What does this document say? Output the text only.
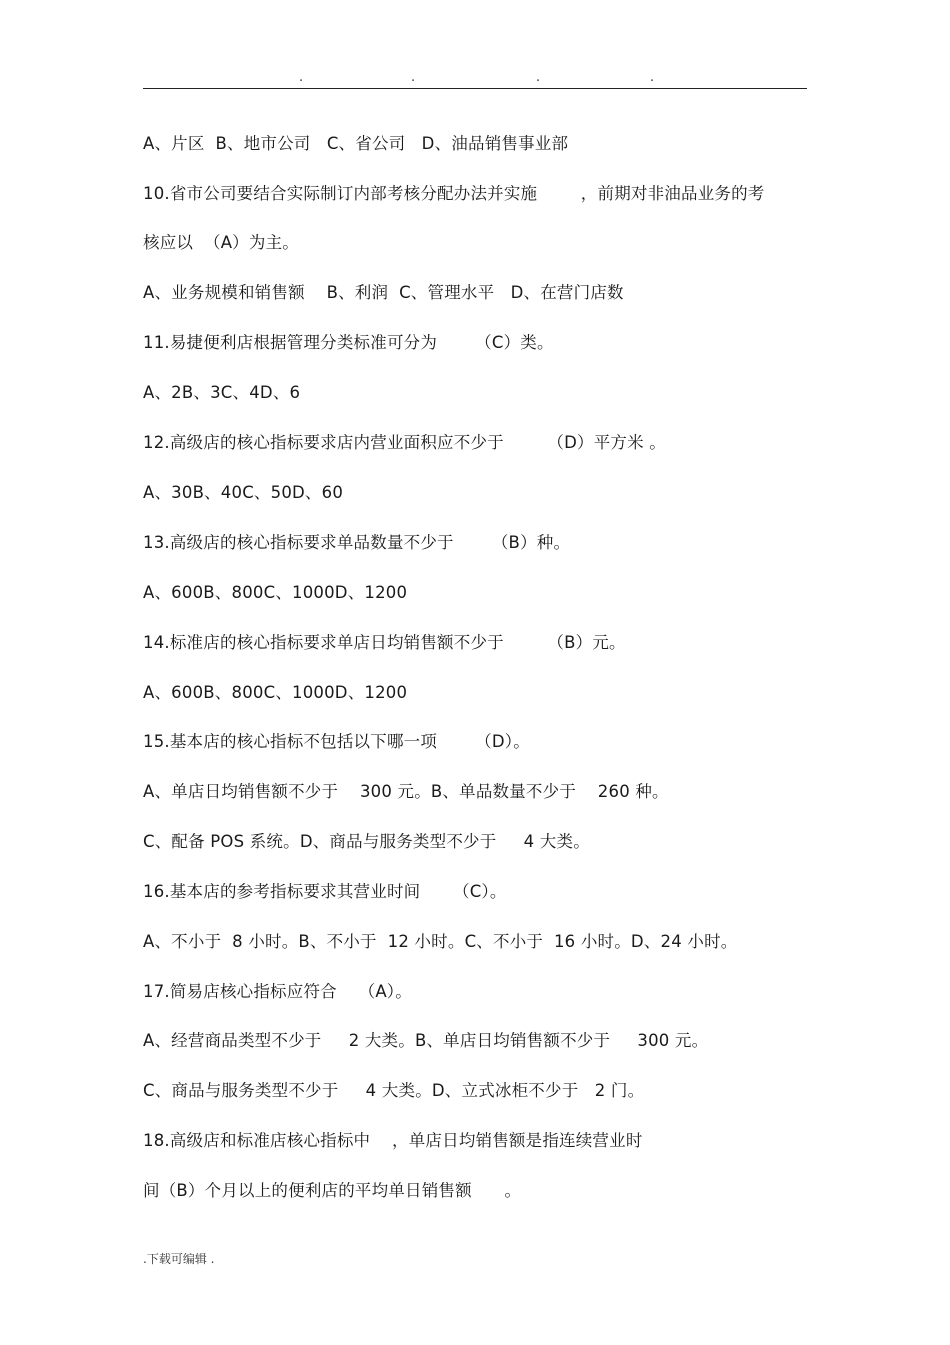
.	.	.	.
A、片区  B、地市公司   C、省公司   D、油品销售事业部
10.省市公司要结合实际制订内部考核分配办法并实施        ，前期对非油品业务的考
核应以  （A）为主。
A、业务规模和销售额    B、利润  C、管理水平   D、在营门店数
11.易捷便利店根据管理分类标准可分为       （C）类。
A、2B、3C、4D、6
12.高级店的核心指标要求店内营业面积应不少于        （D）平方米 。
A、30B、40C、50D、60
13.高级店的核心指标要求单品数量不少于       （B）种。
A、600B、800C、1000D、1200
14.标准店的核心指标要求单店日均销售额不少于        （B）元。
A、600B、800C、1000D、1200
15.基本店的核心指标不包括以下哪一项       （D）。
A、单店日均销售额不少于    300 元。B、单品数量不少于    260 种。
C、配备 POS 系统。D、商品与服务类型不少于     4 大类。
16.基本店的参考指标要求其营业时间      （C）。
A、不小于  8 小时。B、不小于  12 小时。C、不小于  16 小时。D、24 小时。
17.简易店核心指标应符合    （A）。
A、经营商品类型不少于     2 大类。B、单店日均销售额不少于     300 元。
C、商品与服务类型不少于     4 大类。D、立式冰柜不少于   2 门。
18.高级店和标准店核心指标中    ，单店日均销售额是指连续营业时
间（B）个月以上的便利店的平均单日销售额      。
.下载可编辑 .
